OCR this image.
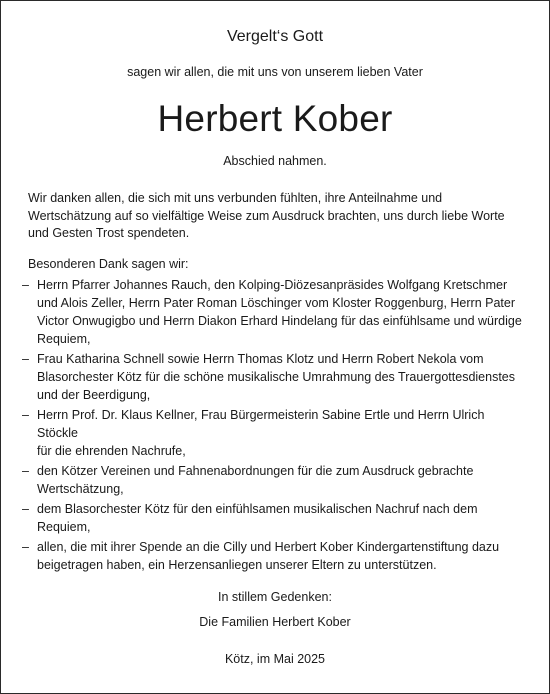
Vergelt‘s Gott
sagen wir allen, die mit uns von unserem lieben Vater
Herbert Kober
Abschied nahmen.

Wir danken allen, die sich mit uns verbunden fühlten, ihre Anteilnahme und Wertschätzung auf so vielfältige Weise zum Ausdruck brachten, uns durch liebe Worte und Gesten Trost spendeten.

Besonderen Dank sagen wir:
– Herrn Pfarrer Johannes Rauch, den Kolping-Diözesanpräsides Wolfgang Kretschmer
und Alois Zeller, Herrn Pater Roman Löschinger vom Kloster Roggenburg, Herrn Pater
Victor Onwugigbo und Herrn Diakon Erhard Hindelang für das einfühlsame und würdige
Requiem,
– Frau Katharina Schnell sowie Herrn Thomas Klotz und Herrn Robert Nekola vom
Blasorchester Kötz für die schöne musikalische Umrahmung des Trauergottesdienstes
und der Beerdigung,
– Herrn Prof. Dr. Klaus Kellner, Frau Bürgermeisterin Sabine Ertle und Herrn Ulrich Stöckle
für die ehrenden Nachrufe,
– den Kötzer Vereinen und Fahnenabordnungen für die zum Ausdruck gebrachte
Wertschätzung,
– dem Blasorchester Kötz für den einfühlsamen musikalischen Nachruf nach dem
Requiem,
– allen, die mit ihrer Spende an die Cilly und Herbert Kober Kindergartenstiftung dazu
beigetragen haben, ein Herzensanliegen unserer Eltern zu unterstützen.
In stillem Gedenken:
Die Familien Herbert Kober
Kötz, im Mai 2025
